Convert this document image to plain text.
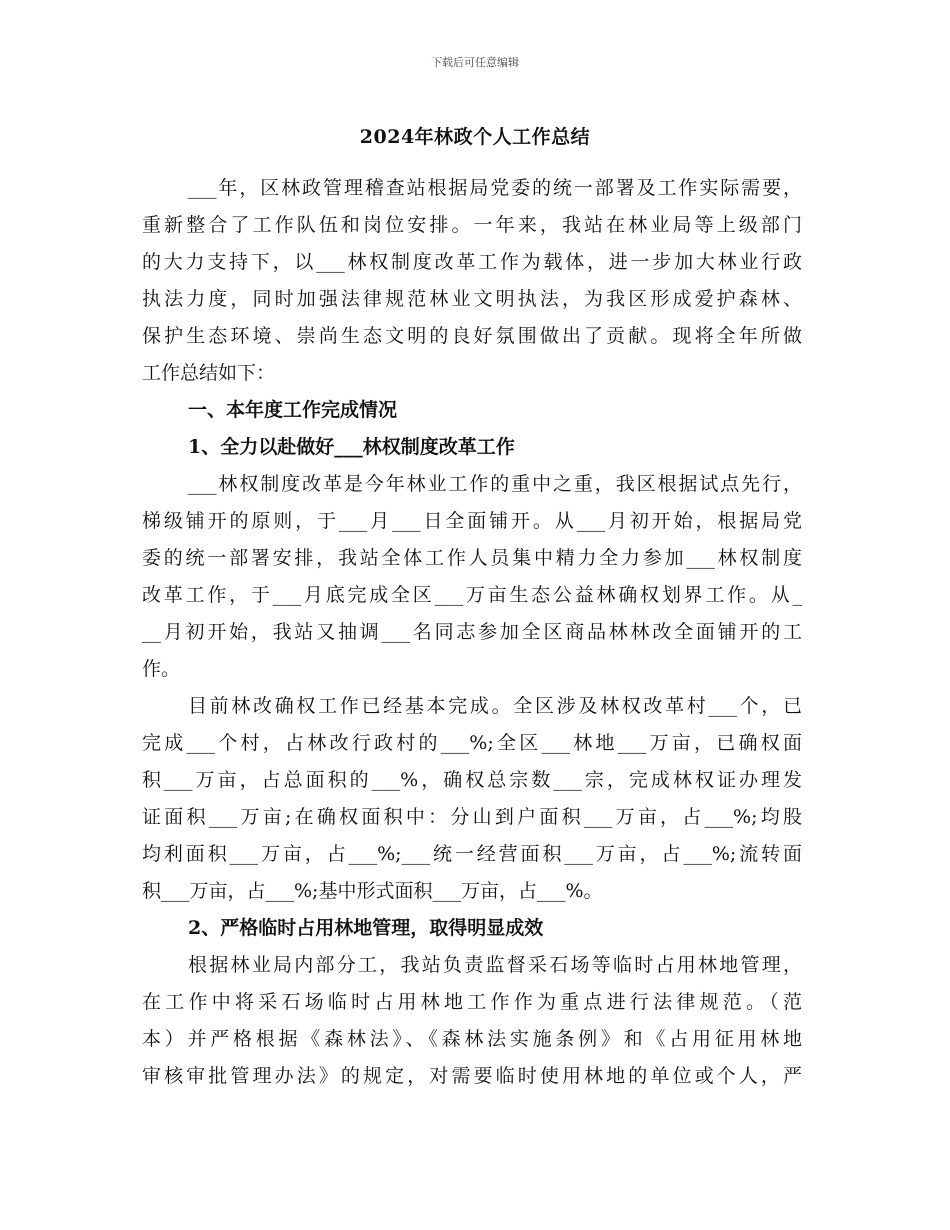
下载后可任意编辑
2024年林政个人工作总结
___年，区林政管理稽查站根据局党委的统一部署及工作实际需要，
重新整合了工作队伍和岗位安排。一年来，我站在林业局等上级部门
的大力支持下，以___林权制度改革工作为载体，进一步加大林业行政
执法力度，同时加强法律规范林业文明执法，为我区形成爱护森林、
保护生态环境、崇尚生态文明的良好氛围做出了贡献。现将全年所做
工作总结如下：
一、本年度工作完成情况
1、全力以赴做好___林权制度改革工作
___林权制度改革是今年林业工作的重中之重，我区根据试点先行，
梯级铺开的原则，于___月___日全面铺开。从___月初开始，根据局党
委的统一部署安排，我站全体工作人员集中精力全力参加___林权制度
改革工作，于___月底完成全区___万亩生态公益林确权划界工作。从_
__月初开始，我站又抽调___名同志参加全区商品林林改全面铺开的工
作。
目前林改确权工作已经基本完成。全区涉及林权改革村___个，已
完成___个村，占林改行政村的___%;全区___林地___万亩，已确权面
积___万亩，占总面积的___%，确权总宗数___宗，完成林权证办理发
证面积___万亩;在确权面积中：分山到户面积___万亩，占___%;均股
均利面积___万亩，占___%;___统一经营面积___万亩，占___%;流转面
积___万亩，占___%;基中形式面积___万亩，占___%。
2、严格临时占用林地管理，取得明显成效
根据林业局内部分工，我站负责监督采石场等临时占用林地管理，
在工作中将采石场临时占用林地工作作为重点进行法律规范。（范
本）并严格根据《森林法》、《森林法实施条例》和《占用征用林地
审核审批管理办法》的规定，对需要临时使用林地的单位或个人，严
